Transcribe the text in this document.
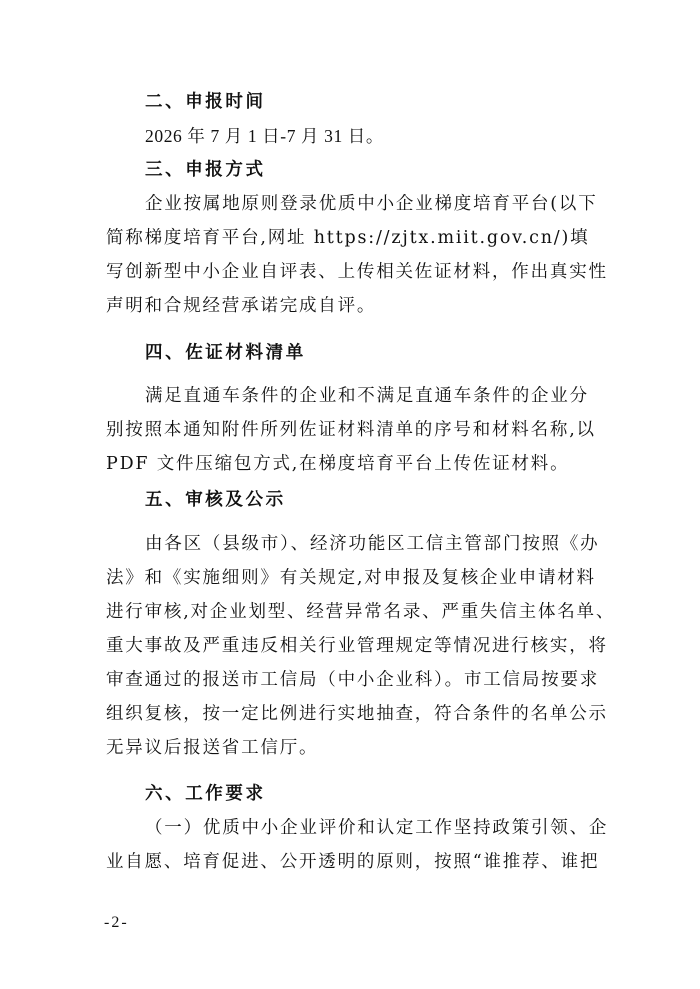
二、申报时间
2026 年 7 月 1 日-7 月 31 日。
三、申报方式
企业按属地原则登录优质中小企业梯度培育平台(以下
简称梯度培育平台,网址 https://zjtx.miit.gov.cn/)填
写创新型中小企业自评表、上传相关佐证材料，作出真实性
声明和合规经营承诺完成自评。
四、佐证材料清单
满足直通车条件的企业和不满足直通车条件的企业分
别按照本通知附件所列佐证材料清单的序号和材料名称,以
PDF 文件压缩包方式,在梯度培育平台上传佐证材料。
五、审核及公示
由各区（县级市）、经济功能区工信主管部门按照《办
法》和《实施细则》有关规定,对申报及复核企业申请材料
进行审核,对企业划型、经营异常名录、严重失信主体名单、
重大事故及严重违反相关行业管理规定等情况进行核实，将
审查通过的报送市工信局（中小企业科）。市工信局按要求
组织复核，按一定比例进行实地抽查，符合条件的名单公示
无异议后报送省工信厅。
六、工作要求
（一）优质中小企业评价和认定工作坚持政策引领、企
业自愿、培育促进、公开透明的原则，按照“谁推荐、谁把
-2-
